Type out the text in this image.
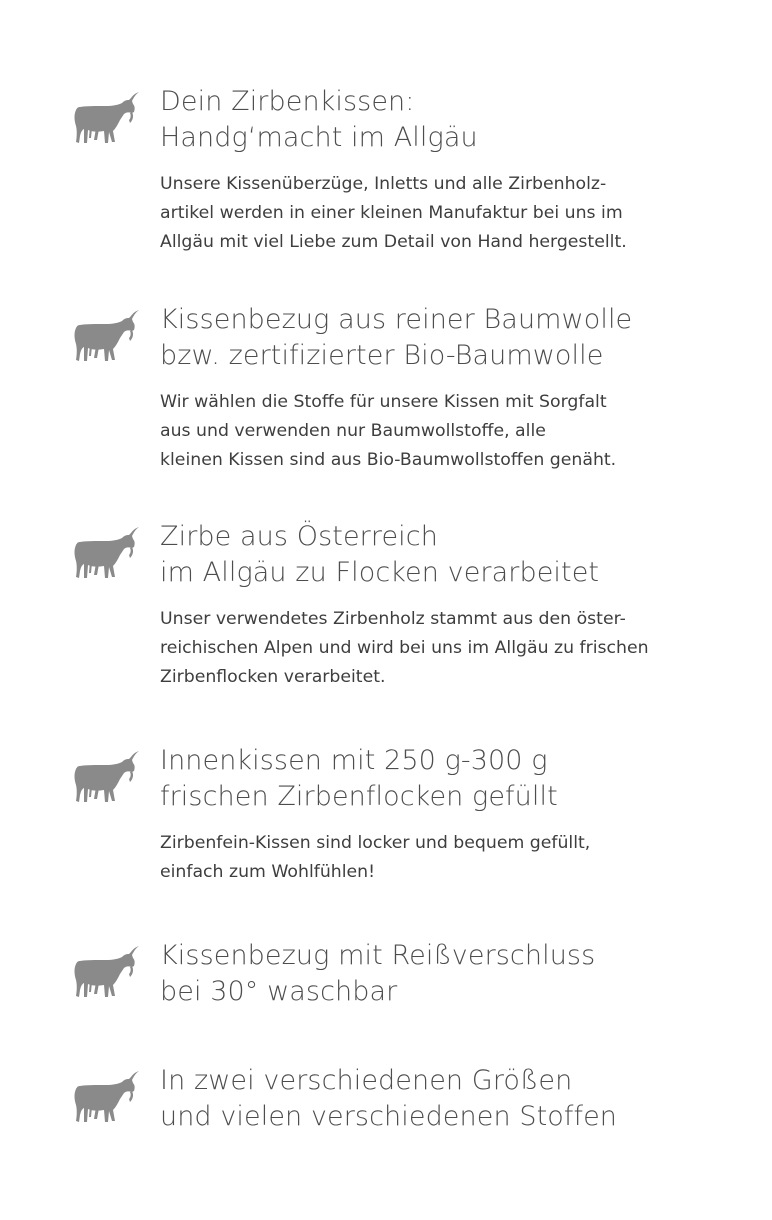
Dein Zirbenkissen:
Handg‘macht im Allgäu
Unsere Kissenüberzüge, Inletts und alle Zirbenholz-
artikel werden in einer kleinen Manufaktur bei uns im
Allgäu mit viel Liebe zum Detail von Hand hergestellt.
Kissenbezug aus reiner Baumwolle
bzw. zertifizierter Bio-Baumwolle
Wir wählen die Stoffe für unsere Kissen mit Sorgfalt
aus und verwenden nur Baumwollstoffe, alle
kleinen Kissen sind aus Bio-Baumwollstoffen genäht.
Zirbe aus Österreich
im Allgäu zu Flocken verarbeitet
Unser verwendetes Zirbenholz stammt aus den öster-
reichischen Alpen und wird bei uns im Allgäu zu frischen
Zirbenflocken verarbeitet.
Innenkissen mit 250 g-300 g
frischen Zirbenflocken gefüllt
Zirbenfein-Kissen sind locker und bequem gefüllt,
einfach zum Wohlfühlen!
Kissenbezug mit Reißverschluss
bei 30° waschbar
In zwei verschiedenen Größen
und vielen verschiedenen Stoffen
